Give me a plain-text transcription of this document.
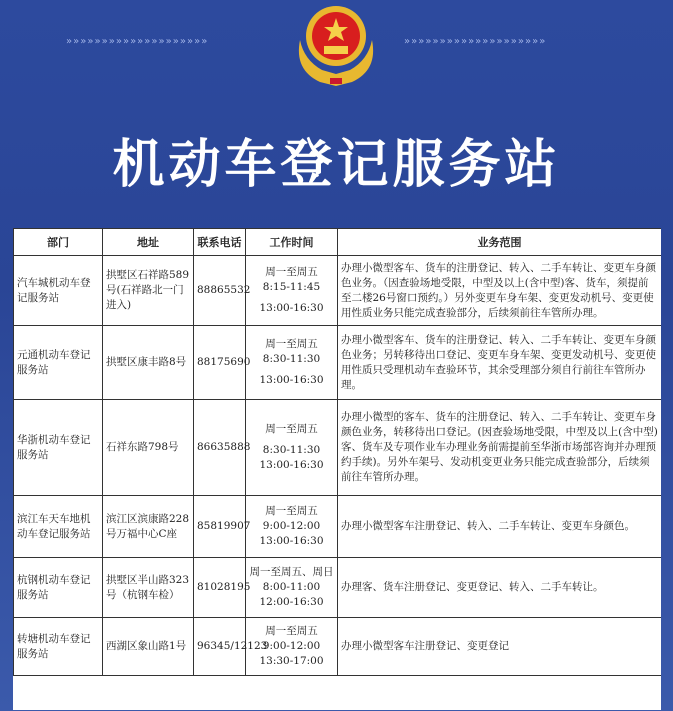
»»»»»»»»»»»»»»»»»»»»	»»»»»»»»»»»»»»»»»»»»
机动车登记服务站
部门	地址	联系电话	工作时间	业务范围
汽车城机动车登记服务站	拱墅区石祥路589号(石祥路北一门进入)	88865532	周一至周五
8:15-11:45
13:00-16:30	办理小微型客车、货车的注册登记、转入、二手车转让、变更车身颜色业务。（因查验场地受限，中型及以上(含中型)客、货车，须提前至二楼26号窗口预约。）另外变更车身车架、变更发动机号、变更使用性质业务只能完成查验部分，后续须前往车管所办理。
元通机动车登记服务站	拱墅区康丰路8号	88175690	周一至周五
8:30-11:30
13:00-16:30	办理小微型客车、货车的注册登记、转入、二手车转让、变更车身颜色业务；另转移待出口登记、变更车身车架、变更发动机号、变更使用性质只受理机动车查验环节，其余受理部分须自行前往车管所办理。
华浙机动车登记服务站	石祥东路798号	86635888	周一至周五
8:30-11:30
13:00-16:30	办理小微型的客车、货车的注册登记、转入、二手车转让、变更车身颜色业务，转移待出口登记。(因查验场地受限，中型及以上(含中型)客、货车及专项作业车办理业务前需提前至华浙市场部咨询并办理预约手续)。另外车架号、发动机变更业务只能完成查验部分，后续须前往车管所办理。
滨江车天车地机动车登记服务站	滨江区滨康路228号万福中心C座	85819907	周一至周五
9:00-12:00
13:00-16:30	办理小微型客车注册登记、转入、二手车转让、变更车身颜色。
杭钢机动车登记服务站	拱墅区半山路323号（杭钢车检）	81028195	周一至周五、周日
8:00-11:00
12:00-16:30	办理客、货车注册登记、变更登记、转入、二手车转让。
转塘机动车登记服务站	西湖区象山路1号	96345/12123	周一至周五
9:00-12:00
13:30-17:00	办理小微型客车注册登记、变更登记
